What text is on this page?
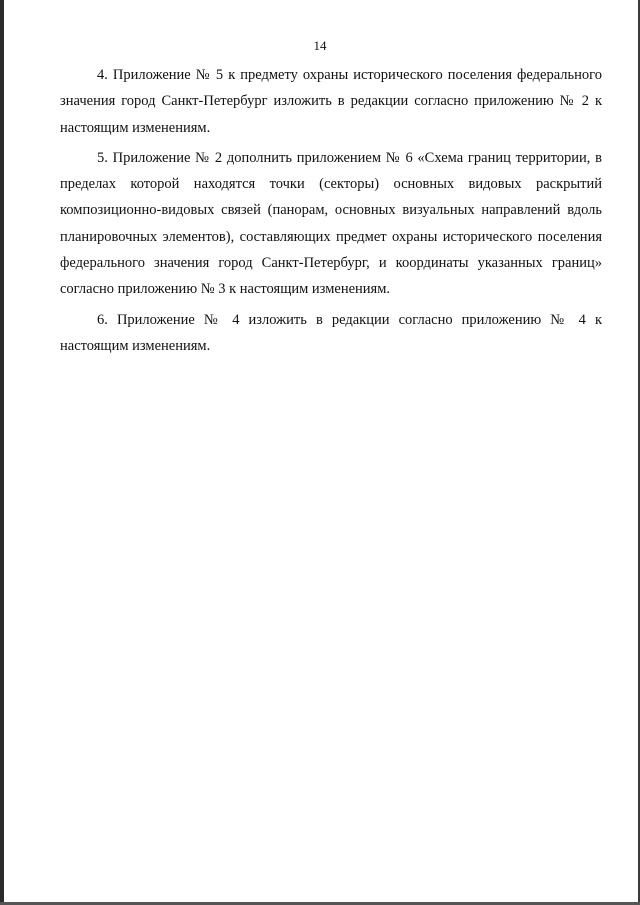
14

4. Приложение № 5 к предмету охраны исторического поселения федерального значения город Санкт-Петербург изложить в редакции согласно приложению № 2 к настоящим изменениям.

5. Приложение № 2 дополнить приложением № 6 «Схема границ территории, в пределах которой находятся точки (секторы) основных видовых раскрытий композиционно-видовых связей (панорам, основных визуальных направлений вдоль планировочных элементов), составляющих предмет охраны исторического поселения федерального значения город Санкт-Петербург, и координаты указанных границ» согласно приложению № 3 к настоящим изменениям.

6. Приложение № 4 изложить в редакции согласно приложению № 4 к настоящим изменениям.
